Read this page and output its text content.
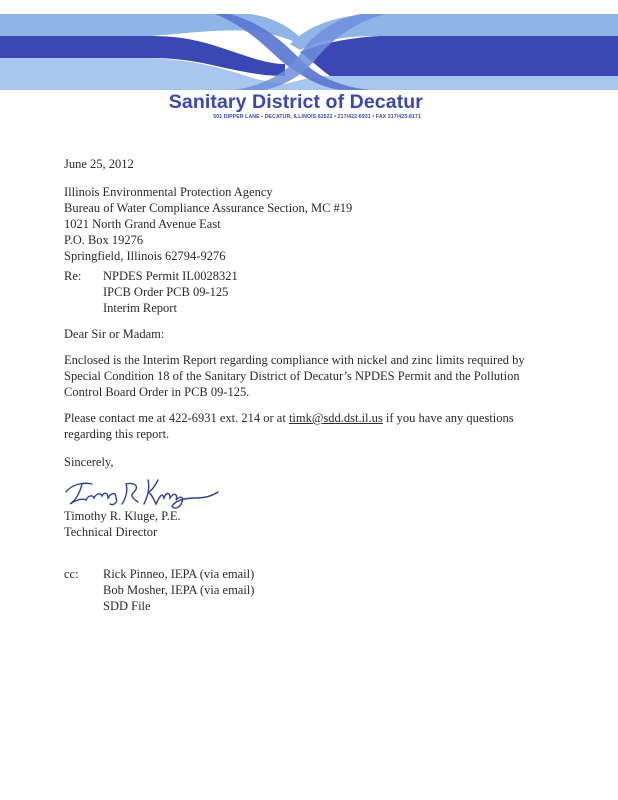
Sanitary District of Decatur
501 DIPPER LANE • DECATUR, ILLINOIS 62522 • 217/422-6931 • FAX 217/423-8171
June 25, 2012
Illinois Environmental Protection Agency
Bureau of Water Compliance Assurance Section, MC #19
1021 North Grand Avenue East
P.O. Box 19276
Springfield, Illinois 62794-9276
Re: NPDES Permit IL0028321
IPCB Order PCB 09-125
Interim Report
Dear Sir or Madam:
Enclosed is the Interim Report regarding compliance with nickel and zinc limits required by
Special Condition 18 of the Sanitary District of Decatur’s NPDES Permit and the Pollution
Control Board Order in PCB 09-125.
Please contact me at 422-6931 ext. 214 or at timk@sdd.dst.il.us if you have any questions
regarding this report.
Sincerely,
Timothy R. Kluge, P.E.
Technical Director
cc: Rick Pinneo, IEPA (via email)
Bob Mosher, IEPA (via email)
SDD File
